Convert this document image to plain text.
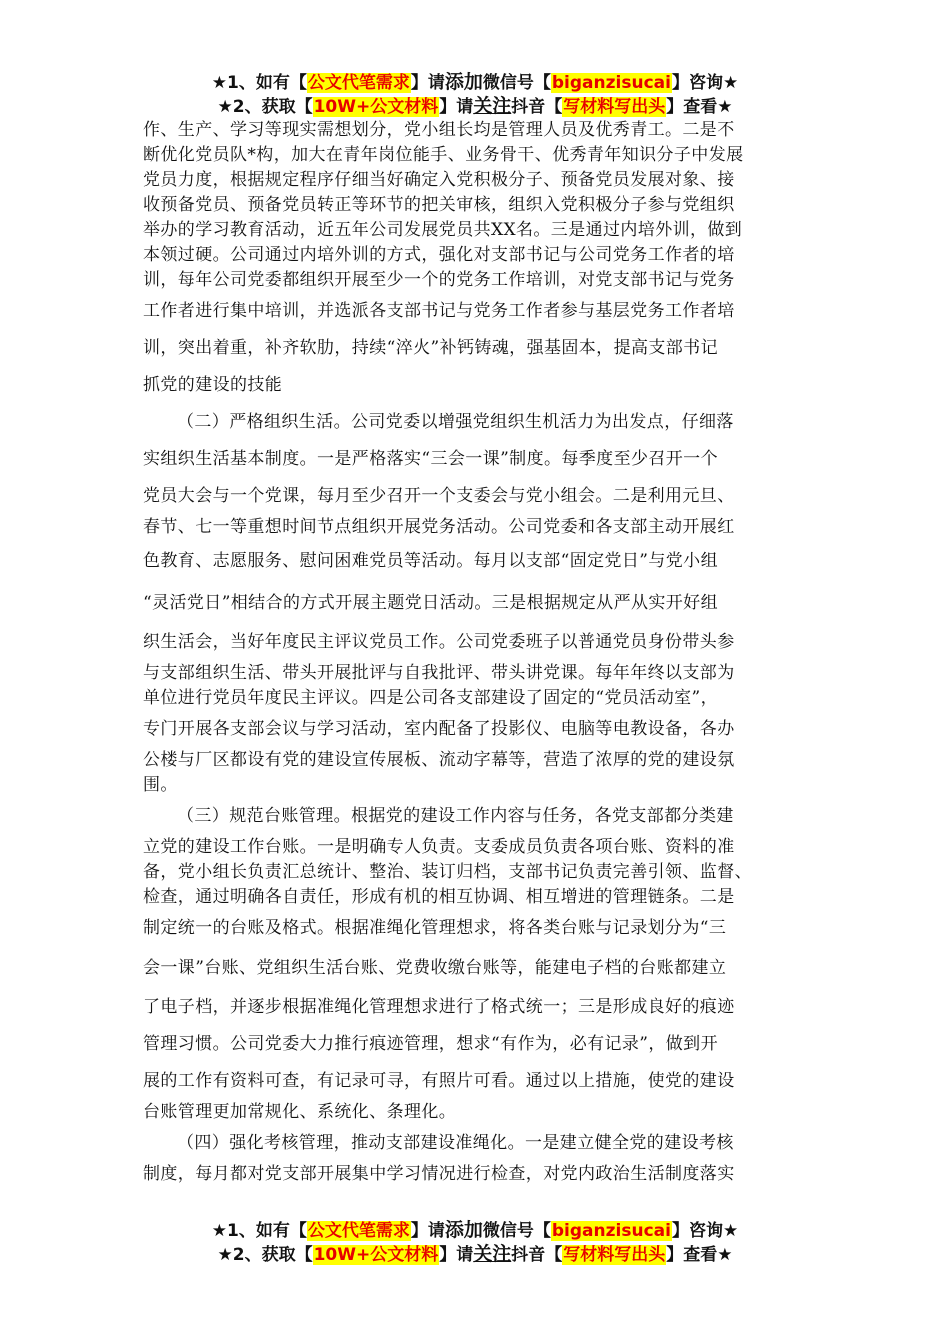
★1、如有【公文代笔需求】请添加微信号【biganzisucai】咨询★
★2、获取【10W+公文材料】请关注抖音【写材料写出头】查看★
作、生产、学习等现实需想划分，党小组长均是管理人员及优秀青工。二是不
断优化党员队*构，加大在青年岗位能手、业务骨干、优秀青年知识分子中发展
党员力度，根据规定程序仔细当好确定入党积极分子、预备党员发展对象、接
收预备党员、预备党员转正等环节的把关审核，组织入党积极分子参与党组织
举办的学习教育活动，近五年公司发展党员共XX名。三是通过内培外训，做到
本领过硬。公司通过内培外训的方式，强化对支部书记与公司党务工作者的培
训，每年公司党委都组织开展至少一个的党务工作培训，对党支部书记与党务
工作者进行集中培训，并选派各支部书记与党务工作者参与基层党务工作者培
训，突出着重，补齐软肋，持续“淬火”补钙铸魂，强基固本，提高支部书记
抓党的建设的技能
（二）严格组织生活。公司党委以增强党组织生机活力为出发点，仔细落
实组织生活基本制度。一是严格落实“三会一课”制度。每季度至少召开一个
党员大会与一个党课，每月至少召开一个支委会与党小组会。二是利用元旦、
春节、七一等重想时间节点组织开展党务活动。公司党委和各支部主动开展红
色教育、志愿服务、慰问困难党员等活动。每月以支部“固定党日”与党小组
“灵活党日”相结合的方式开展主题党日活动。三是根据规定从严从实开好组
织生活会，当好年度民主评议党员工作。公司党委班子以普通党员身份带头参
与支部组织生活、带头开展批评与自我批评、带头讲党课。每年年终以支部为
单位进行党员年度民主评议。四是公司各支部建设了固定的“党员活动室”，
专门开展各支部会议与学习活动，室内配备了投影仪、电脑等电教设备，各办
公楼与厂区都设有党的建设宣传展板、流动字幕等，营造了浓厚的党的建设氛
围。
（三）规范台账管理。根据党的建设工作内容与任务，各党支部都分类建
立党的建设工作台账。一是明确专人负责。支委成员负责各项台账、资料的准
备，党小组长负责汇总统计、整治、装订归档，支部书记负责完善引领、监督、
检查，通过明确各自责任，形成有机的相互协调、相互增进的管理链条。二是
制定统一的台账及格式。根据准绳化管理想求，将各类台账与记录划分为“三
会一课”台账、党组织生活台账、党费收缴台账等，能建电子档的台账都建立
了电子档，并逐步根据准绳化管理想求进行了格式统一；三是形成良好的痕迹
管理习惯。公司党委大力推行痕迹管理，想求“有作为，必有记录”，做到开
展的工作有资料可查，有记录可寻，有照片可看。通过以上措施，使党的建设
台账管理更加常规化、系统化、条理化。
（四）强化考核管理，推动支部建设准绳化。一是建立健全党的建设考核
制度，每月都对党支部开展集中学习情况进行检查，对党内政治生活制度落实
★1、如有【公文代笔需求】请添加微信号【biganzisucai】咨询★
★2、获取【10W+公文材料】请关注抖音【写材料写出头】查看★
